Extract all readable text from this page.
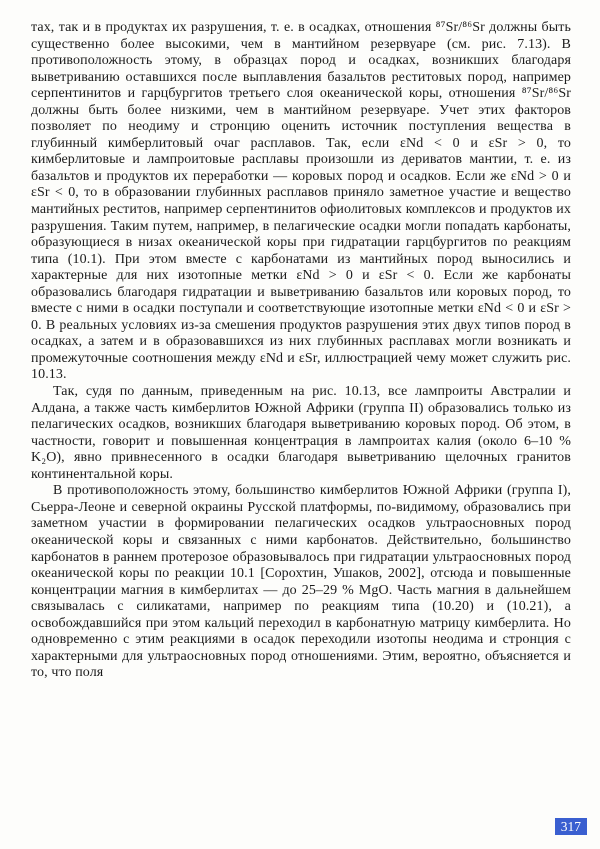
тах, так и в продуктах их разрушения, т. е. в осадках, отношения ⁸⁷Sr/⁸⁶Sr должны быть существенно более высокими, чем в мантийном резервуаре (см. рис. 7.13). В противоположность этому, в образцах пород и осадках, возникших благодаря выветриванию оставшихся после выплавления базальтов реститовых пород, например серпентинитов и гарцбургитов третьего слоя океанической коры, отношения ⁸⁷Sr/⁸⁶Sr должны быть более низкими, чем в мантийном резервуаре. Учет этих факторов позволяет по неодиму и стронцию оценить источник поступления вещества в глубинный кимберлитовый очаг расплавов. Так, если εNd < 0 и εSr > 0, то кимберлитовые и лампроитовые расплавы произошли из дериватов мантии, т. е. из базальтов и продуктов их переработки — коровых пород и осадков. Если же εNd > 0 и εSr < 0, то в образовании глубинных расплавов приняло заметное участие и вещество мантийных реститов, например серпентинитов офиолитовых комплексов и продуктов их разрушения. Таким путем, например, в пелагические осадки могли попадать карбонаты, образующиеся в низах океанической коры при гидратации гарцбургитов по реакциям типа (10.1). При этом вместе с карбонатами из мантийных пород выносились и характерные для них изотопные метки εNd > 0 и εSr < 0. Если же карбонаты образовались благодаря гидратации и выветриванию базальтов или коровых пород, то вместе с ними в осадки поступали и соответствующие изотопные метки εNd < 0 и εSr > 0. В реальных условиях из-за смешения продуктов разрушения этих двух типов пород в осадках, а затем и в образовавшихся из них глубинных расплавах могли возникать и промежуточные соотношения между εNd и εSr, иллюстрацией чему может служить рис. 10.13.

Так, судя по данным, приведенным на рис. 10.13, все лампроиты Австралии и Алдана, а также часть кимберлитов Южной Африки (группа II) образовались только из пелагических осадков, возникших благодаря выветриванию коровых пород. Об этом, в частности, говорит и повышенная концентрация в лампроитах калия (около 6–10 % K₂O), явно привнесенного в осадки благодаря выветриванию щелочных гранитов континентальной коры.

В противоположность этому, большинство кимберлитов Южной Африки (группа I), Сьерра-Леоне и северной окраины Русской платформы, по-видимому, образовались при заметном участии в формировании пелагических осадков ультраосновных пород океанической коры и связанных с ними карбонатов. Действительно, большинство карбонатов в раннем протерозое образовывалось при гидратации ультраосновных пород океанической коры по реакции 10.1 [Сорохтин, Ушаков, 2002], отсюда и повышенные концентрации магния в кимберлитах — до 25–29 % MgO. Часть магния в дальнейшем связывалась с силикатами, например по реакциям типа (10.20) и (10.21), а освобождавшийся при этом кальций переходил в карбонатную матрицу кимберлита. Но одновременно с этим реакциями в осадок переходили изотопы неодима и стронция с характерными для ультраосновных пород отношениями. Этим, вероятно, объясняется и то, что поля

317
